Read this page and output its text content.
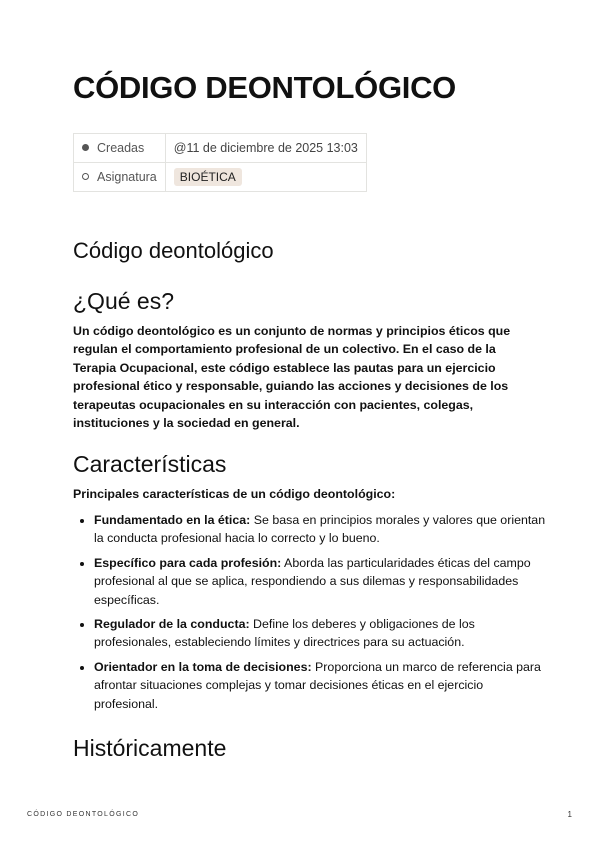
CÓDIGO DEONTOLÓGICO
Creadas	@11 de diciembre de 2025 13:03
Asignatura	BIOÉTICA
Código deontológico
¿Qué es?

Un código deontológico es un conjunto de normas y principios éticos que regulan el comportamiento profesional de un colectivo. En el caso de la Terapia Ocupacional, este código establece las pautas para un ejercicio profesional ético y responsable, guiando las acciones y decisiones de los terapeutas ocupacionales en su interacción con pacientes, colegas, instituciones y la sociedad en general.

Características

Principales características de un código deontológico:

• Fundamentado en la ética: Se basa en principios morales y valores que orientan la conducta profesional hacia lo correcto y lo bueno.
• Específico para cada profesión: Aborda las particularidades éticas del campo profesional al que se aplica, respondiendo a sus dilemas y responsabilidades específicas.
• Regulador de la conducta: Define los deberes y obligaciones de los profesionales, estableciendo límites y directrices para su actuación.
• Orientador en la toma de decisiones: Proporciona un marco de referencia para afrontar situaciones complejas y tomar decisiones éticas en el ejercicio profesional.
Históricamente
CÓDIGO DEONTOLÓGICO	1
